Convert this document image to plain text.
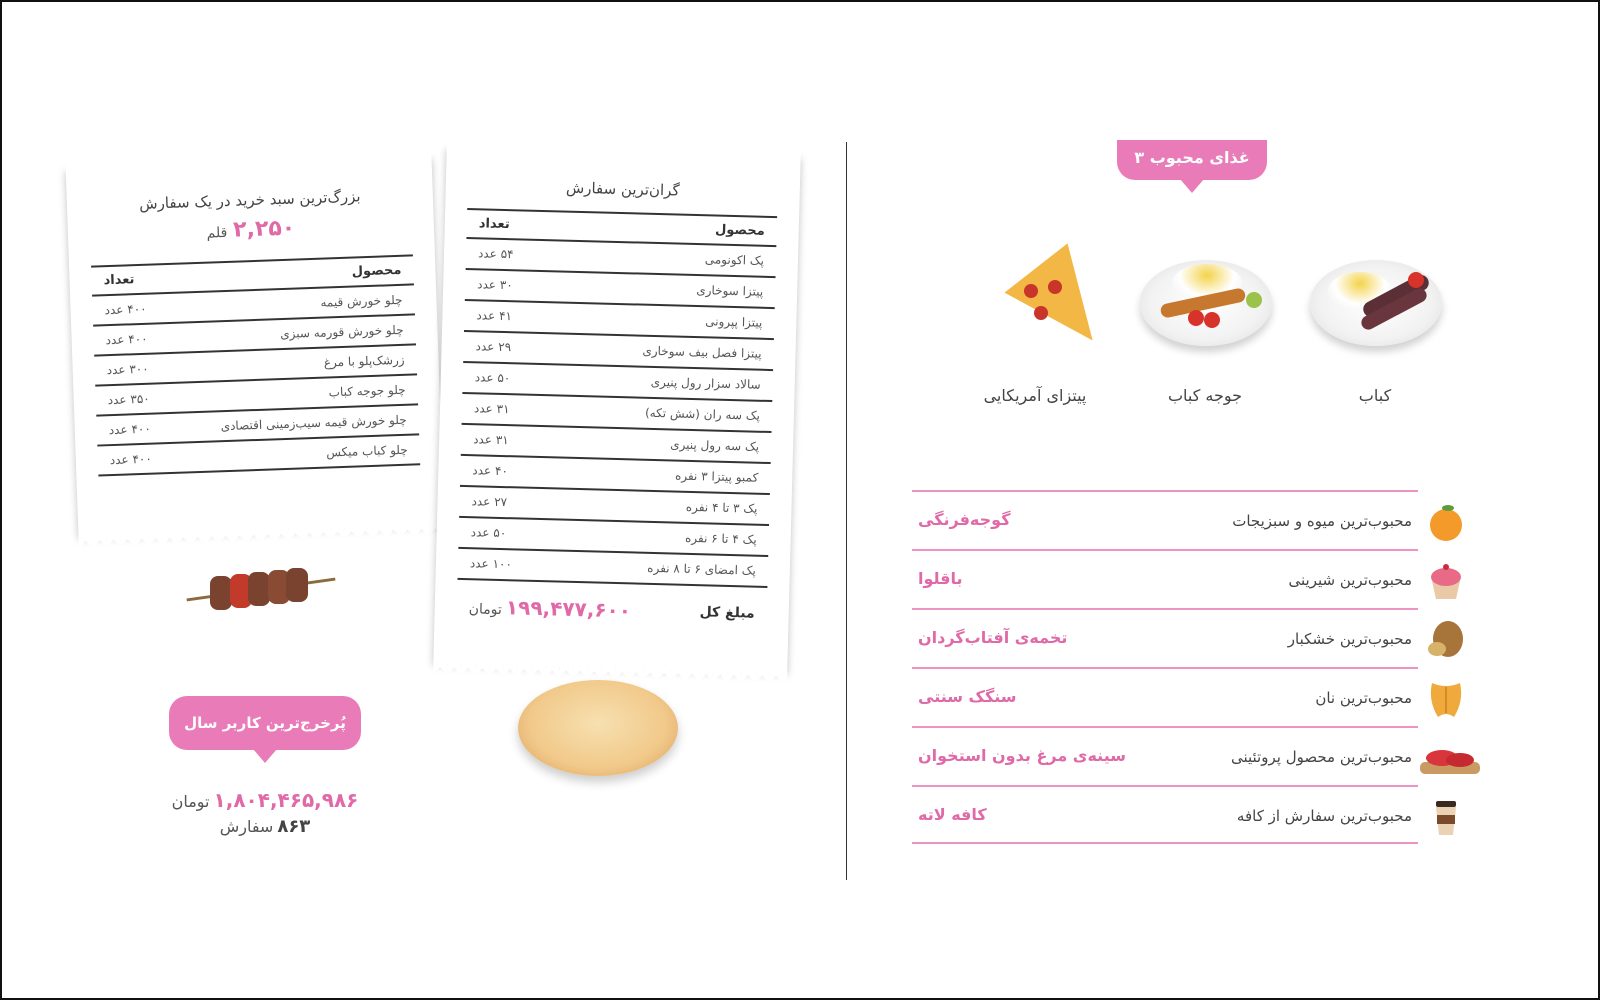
۳ غذای محبوب
کباب
جوجه کباب
پیتزای آمریکایی
محبوب‌ترین میوه و سبزیجات
گوجه‌فرنگی
محبوب‌ترین شیرینی
باقلوا
محبوب‌ترین خشکبار
تخمه‌ی آفتاب‌گردان
محبوب‌ترین نان
سنگک سنتی
محبوب‌ترین محصول پروتئینی
سینه‌ی مرغ بدون استخوان
محبوب‌ترین سفارش از کافه
کافه لاته
بزرگ‌ترین سبد خرید در یک سفارش
۲,۲۵۰قلم
محصول
تعداد
چلو خورش قیمه
۴۰۰ عدد
چلو خورش قورمه سبزی
۴۰۰ عدد
زرشک‌پلو با مرغ
۳۰۰ عدد
چلو جوجه کباب
۳۵۰ عدد
چلو خورش قیمه سیب‌زمینی اقتصادی
۴۰۰ عدد
چلو کباب میکس
۴۰۰ عدد
گران‌ترین سفارش
محصول
تعداد
پک اکونومی
۵۴ عدد
پیتزا سوخاری
۳۰ عدد
پیتزا پپرونی
۴۱ عدد
پیتزا فصل بیف سوخاری
۲۹ عدد
سالاد سزار رول پنیری
۵۰ عدد
پک سه ران (شش تکه)
۳۱ عدد
پک سه رول پنیری
۳۱ عدد
کمبو پیتزا ۳ نفره
۴۰ عدد
پک ۳ تا ۴ نفره
۲۷ عدد
پک ۴ تا ۶ نفره
۵۰ عدد
پک امضای ۶ تا ۸ نفره
۱۰۰ عدد
مبلغ کل
۱۹۹,۴۷۷,۶۰۰تومان
پُرخرج‌ترین کاربر سال
۱,۸۰۴,۴۶۵,۹۸۶تومان
۸۶۳سفارش
